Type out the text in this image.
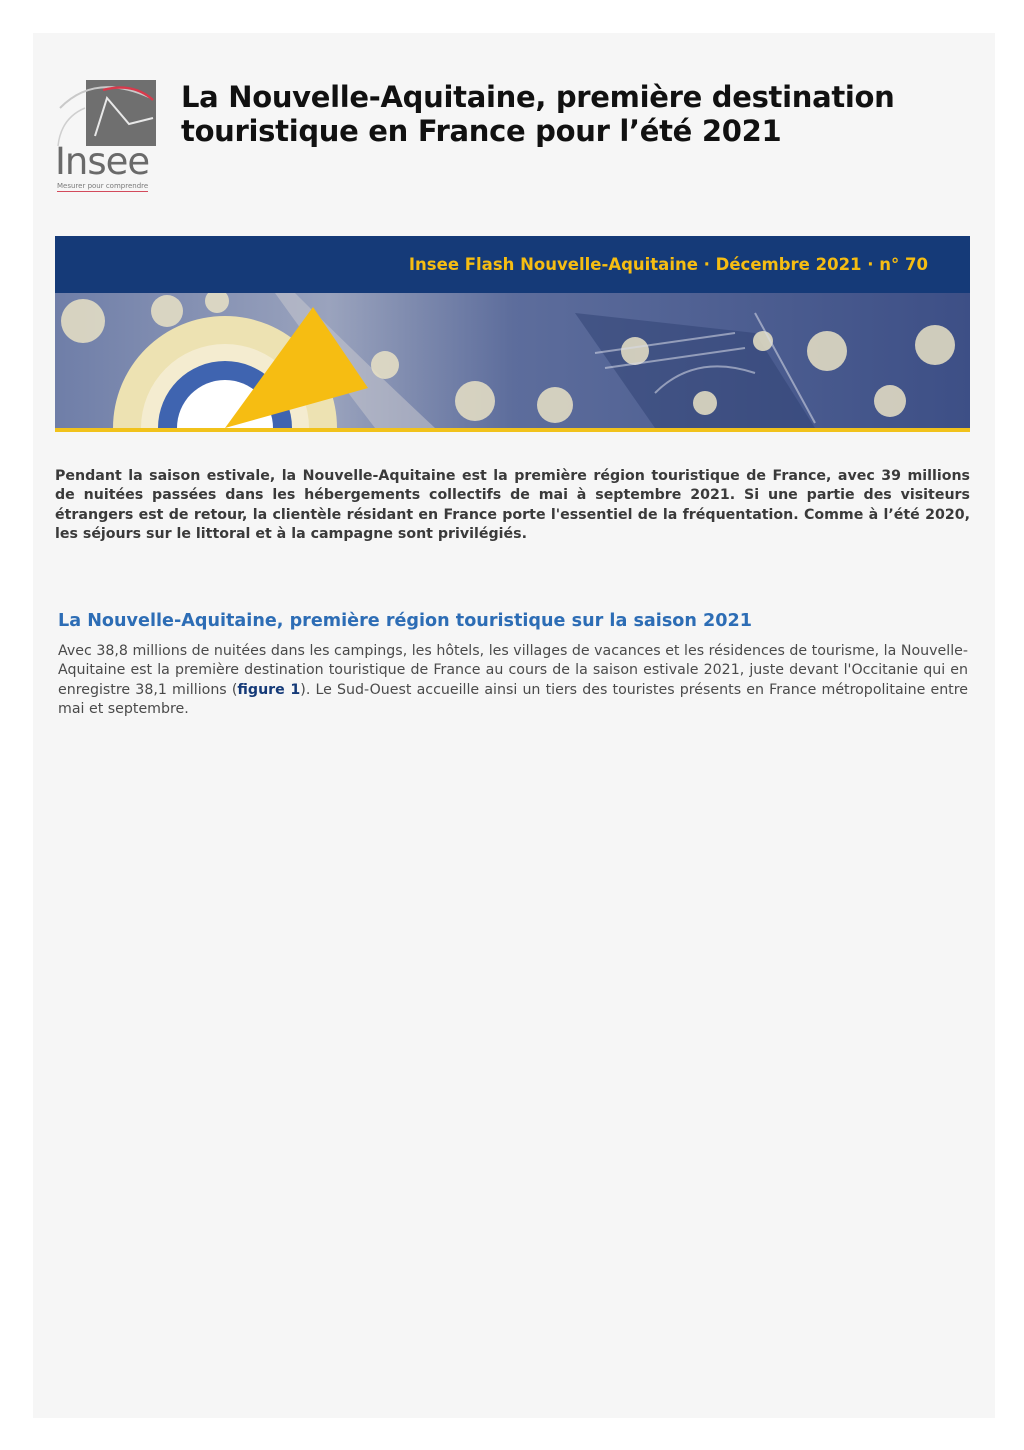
Insee
Mesurer pour comprendre
La Nouvelle-Aquitaine, première destination touristique en France pour l’été 2021
Insee Flash Nouvelle-Aquitaine · Décembre 2021 · n° 70

Pendant la saison estivale, la Nouvelle-Aquitaine est la première région touristique de France, avec 39 millions de nuitées passées dans les hébergements collectifs de mai à septembre 2021. Si une partie des visiteurs étrangers est de retour, la clientèle résidant en France porte l'essentiel de la fréquentation. Comme à l’été 2020, les séjours sur le littoral et à la campagne sont privilégiés.

La Nouvelle-Aquitaine, première région touristique sur la saison 2021

Avec 38,8 millions de nuitées dans les campings, les hôtels, les villages de vacances et les résidences de tourisme, la Nouvelle-Aquitaine est la première destination touristique de France au cours de la saison estivale 2021, juste devant l'Occitanie qui en enregistre 38,1 millions (figure 1). Le Sud-Ouest accueille ainsi un tiers des touristes présents en France métropolitaine entre mai et septembre.
